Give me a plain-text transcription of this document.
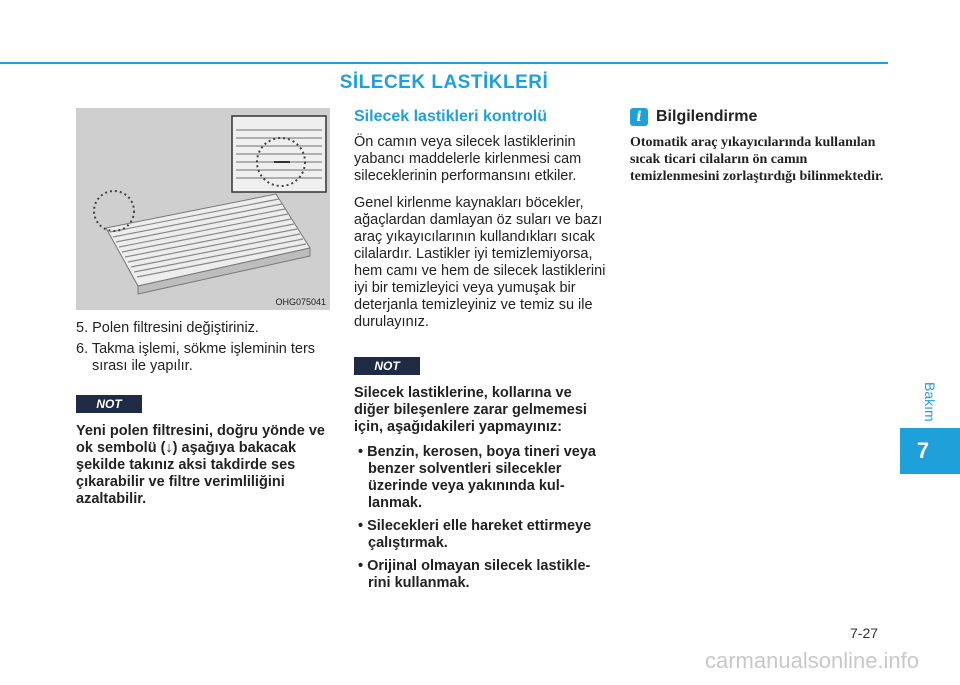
SİLECEK LASTİKLERİ
Bakım
7
OHG075041
5. Polen filtresini değiştiriniz.
6. Takma işlemi, sökme işleminin ters sırası ile yapılır.
NOT

Yeni polen filtresini, doğru yönde ve ok sembolü (↓) aşağıya bakacak şekilde takınız aksi takdirde ses çıkarabilir ve filtre verimliliğini azaltabilir.

Silecek lastikleri kontrolü

Ön camın veya silecek lastiklerinin yabancı maddelerle kirlenmesi cam sileceklerinin performansını etkiler.

Genel kirlenme kaynakları böcekler, ağaçlardan damlayan öz suları ve bazı araç yıkayıcılarının kullandıkları sıcak cilalardır. Lastikler iyi temizlemiyorsa, hem camı ve hem de silecek lastiklerini iyi bir temizleyici veya yumuşak bir deterjanla temizleyiniz ve temiz su ile durulayınız.

NOT

Silecek lastiklerine, kollarına ve diğer bileşenlere zarar gelmemesi için, aşağıdakileri yapmayınız:

• Benzin, kerosen, boya tineri veya benzer solventleri silecekler üzerinde veya yakınında kullanmak.
• Silecekleri elle hareket ettirmeye çalıştırmak.
• Orijinal olmayan silecek lastiklerini kullanmak.
i Bilgilendirme

Otomatik araç yıkayıcılarında kullanılan sıcak ticari cilaların ön camın temizlenmesini zorlaştırdığı bilinmektedir.

7-27
carmanualsonline.info
